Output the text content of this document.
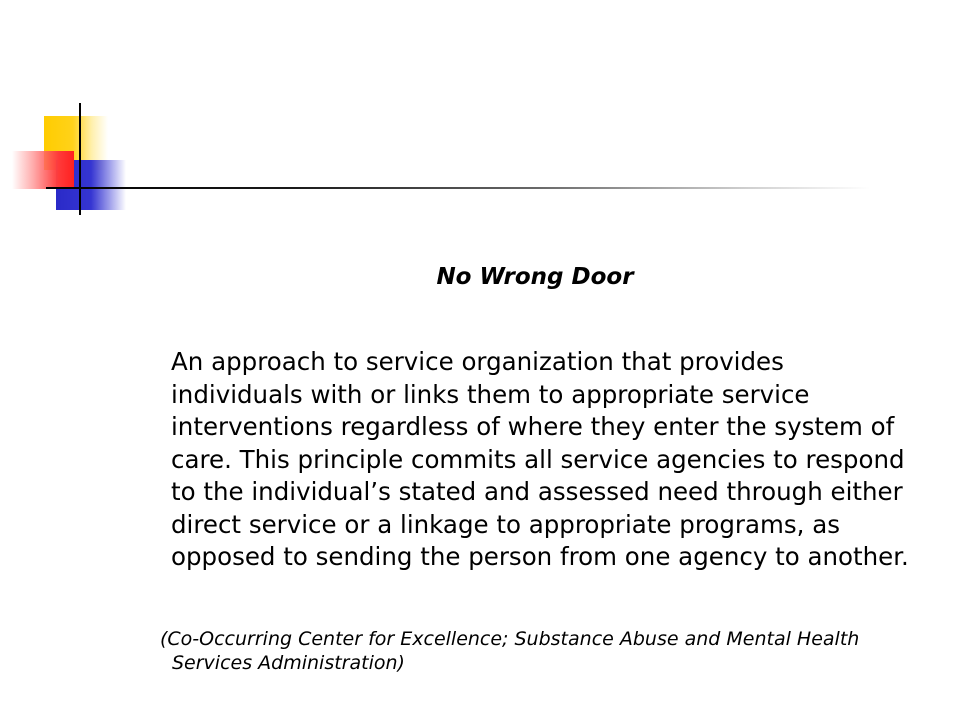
No Wrong Door

An approach to service organization that provides individuals with or links them to appropriate service interventions regardless of where they enter the system of care. This principle commits all service agencies to respond to the individual’s stated and assessed need through either direct service or a linkage to appropriate programs, as opposed to sending the person from one agency to another.

(Co-Occurring Center for Excellence; Substance Abuse and Mental Health Services Administration)
